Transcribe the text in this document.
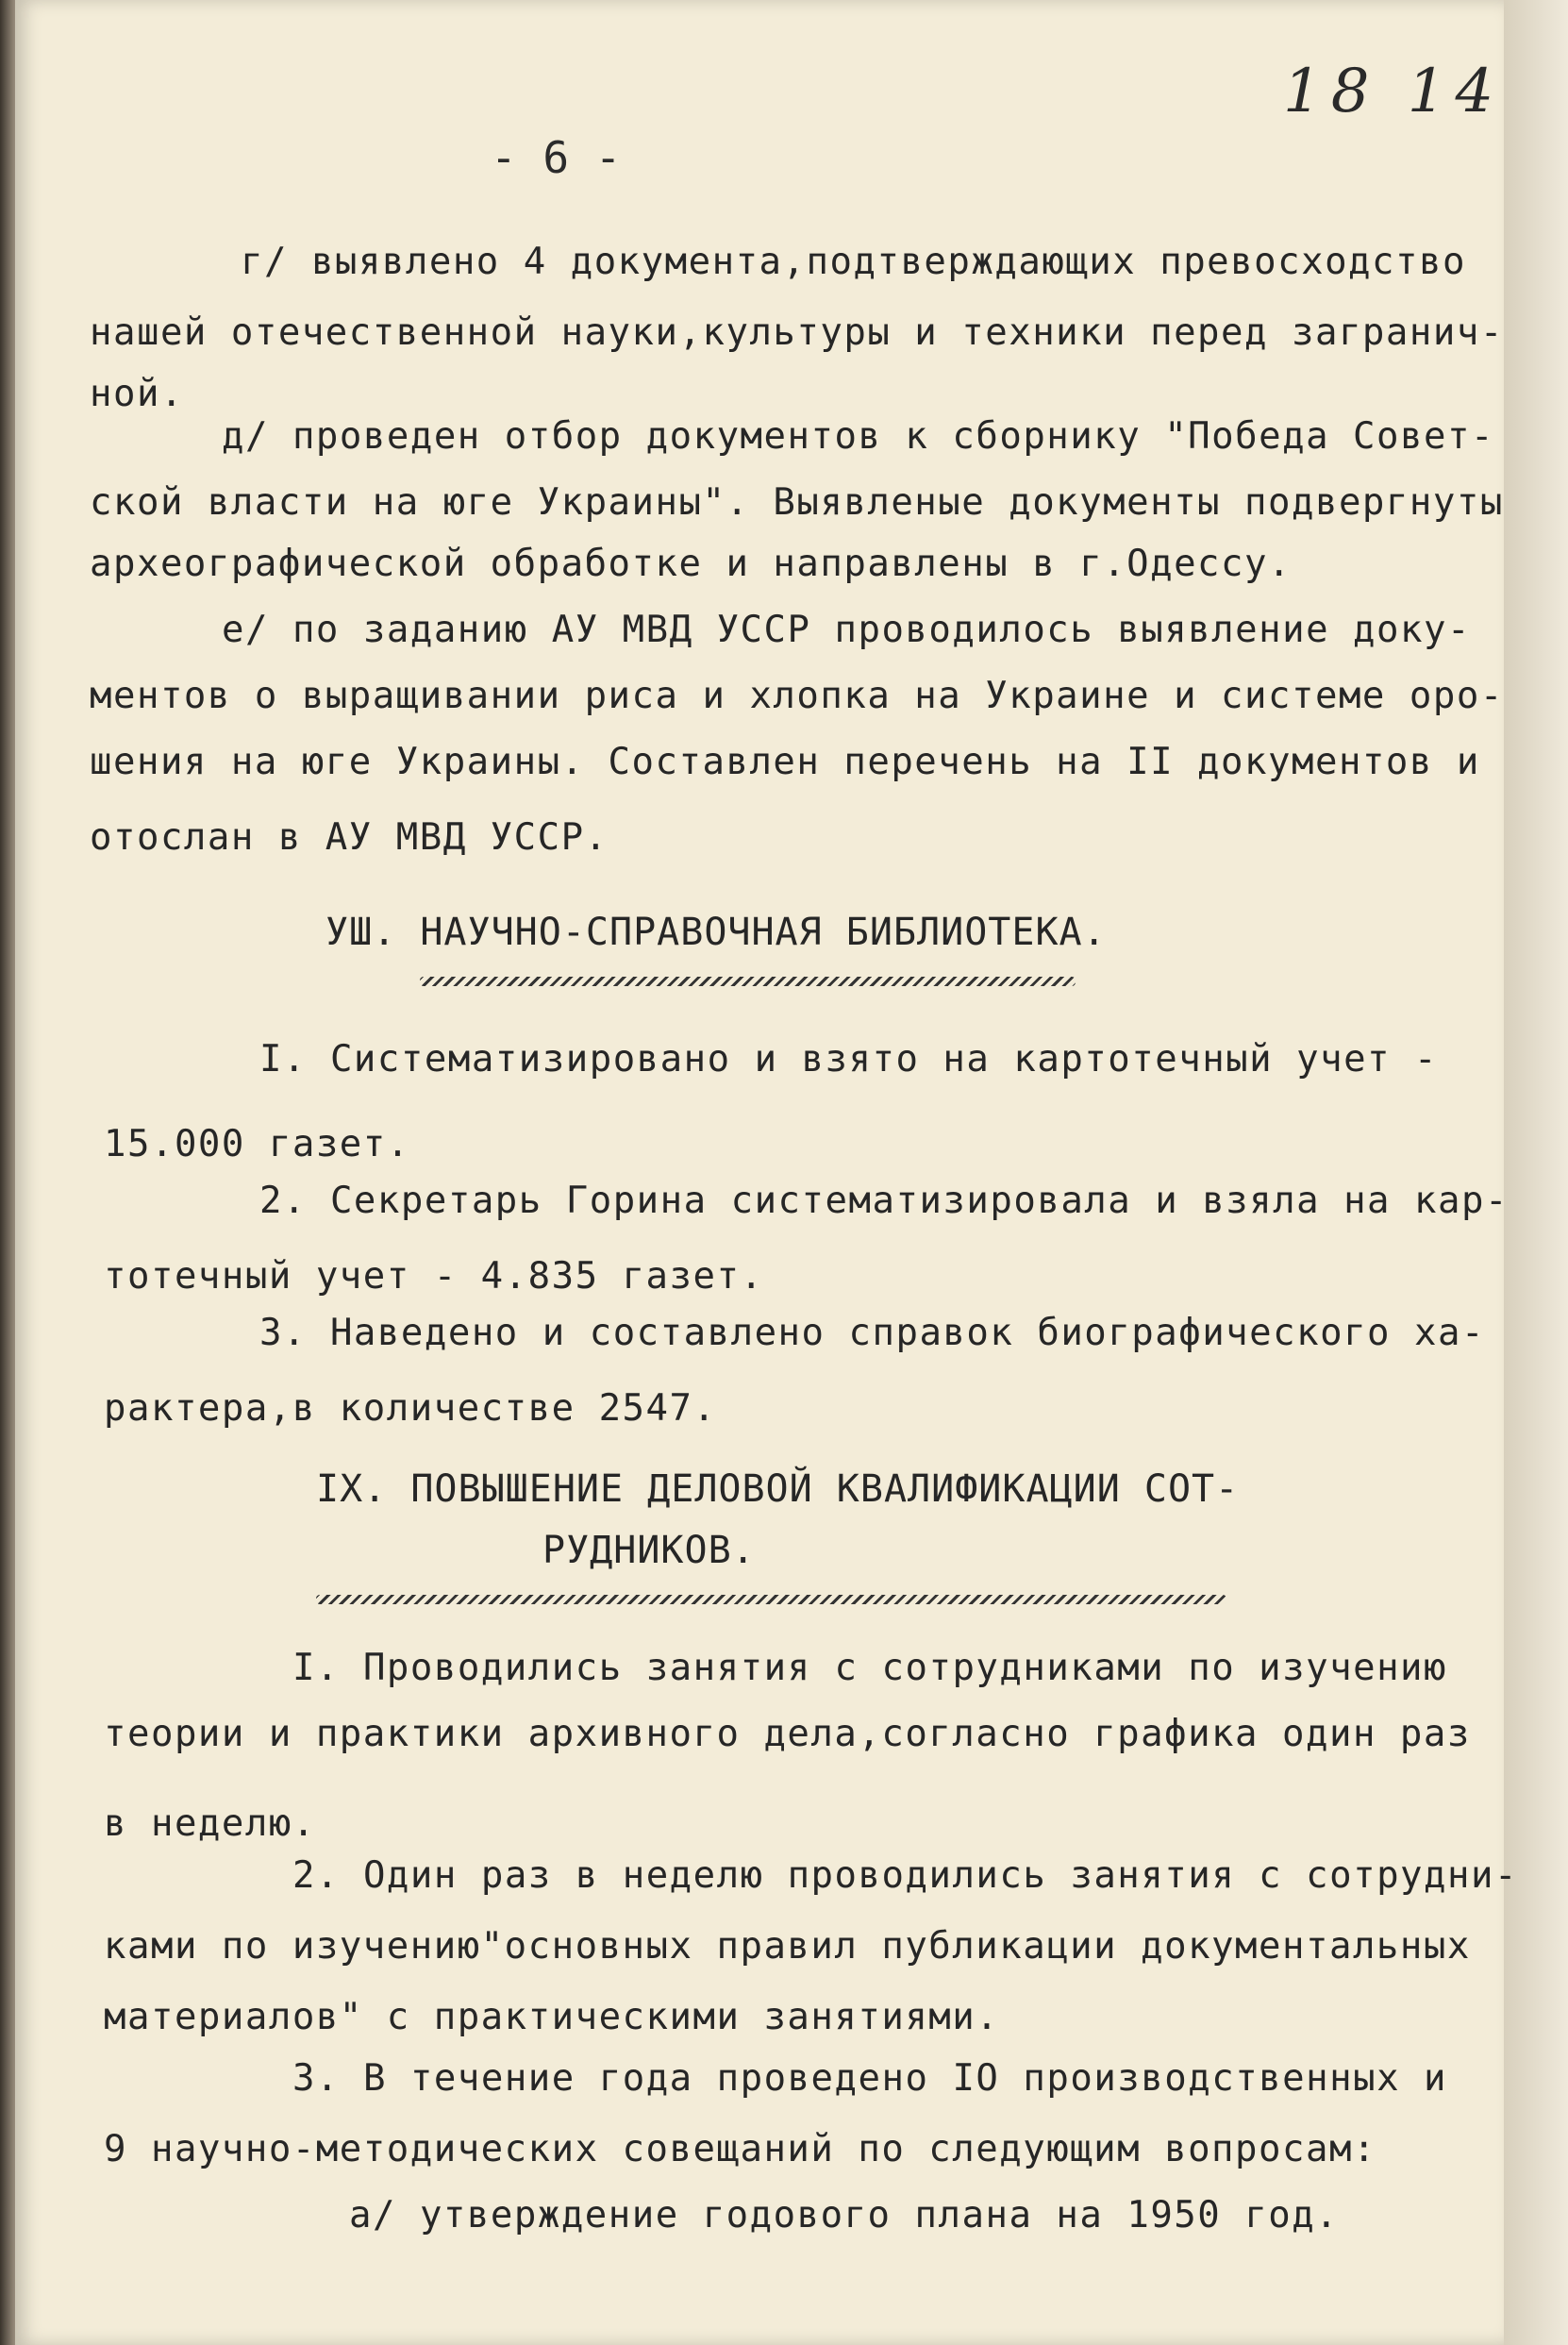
18 14
- 6 -
г/ выявлено 4 документа,подтверждающих превосходство
нашей отечественной науки,культуры и техники перед загранич-
ной.
д/ проведен отбор документов к сборнику "Победа Совет-
ской власти на юге Украины". Выявленые документы подвергнуты
археографической обработке и направлены в г.Одессу.
е/ по заданию АУ МВД УССР проводилось выявление доку-
ментов о выращивании риса и хлопка на Украине и системе оро-
шения на юге Украины. Составлен перечень на II документов и
отослан в АУ МВД УССР.
УШ. НАУЧНО-СПРАВОЧНАЯ БИБЛИОТЕКА.
I. Систематизировано и взято на картотечный учет -
15.000 газет.
2. Секретарь Горина систематизировала и взяла на кар-
тотечный учет - 4.835 газет.
3. Наведено и составлено справок биографического ха-
рактера,в количестве 2547.
IX. ПОВЫШЕНИЕ ДЕЛОВОЙ КВАЛИФИКАЦИИ СОТ-
РУДНИКОВ.
I. Проводились занятия с сотрудниками по изучению
теории и практики архивного дела,согласно графика один раз
в неделю.
2. Один раз в неделю проводились занятия с сотрудни-
ками по изучению"основных правил публикации документальных
материалов" с практическими занятиями.
3. В течение года проведено IO производственных и
9 научно-методических совещаний по следующим вопросам:
а/ утверждение годового плана на 1950 год.
